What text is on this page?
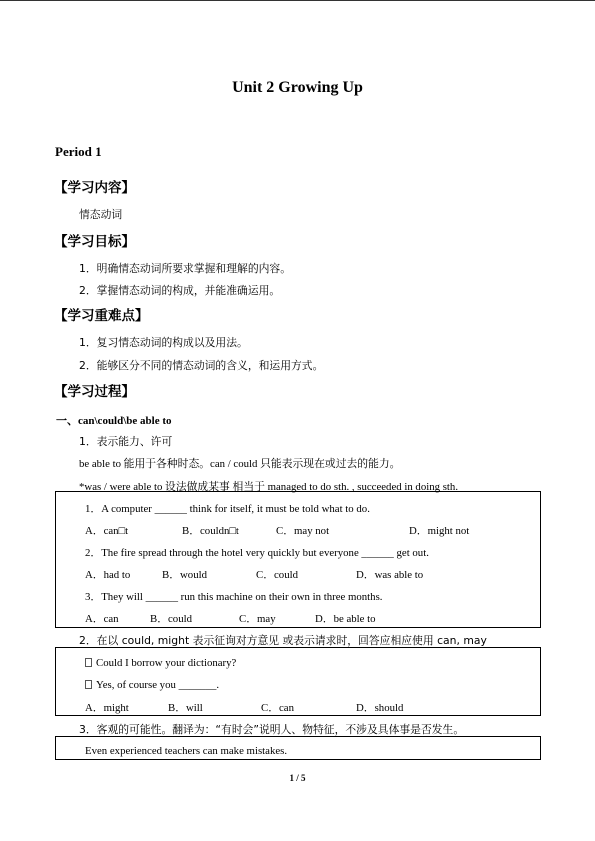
Unit 2 Growing Up
Period 1
【学习内容】
情态动词
【学习目标】
1．明确情态动词所要求掌握和理解的内容。
2．掌握情态动词的构成，并能准确运用。
【学习重难点】
1．复习情态动词的构成以及用法。
2．能够区分不同的情态动词的含义，和运用方式。
【学习过程】
一、can\could\be able to
1．表示能力、许可
be able to 能用于各种时态。can / could 只能表示现在或过去的能力。
*was / were able to 设法做成某事 相当于 managed to do sth. , succeeded in doing sth.
1．A computer ______ think for itself, it must be told what to do.
A．can□t	B．couldn□t	C．may not	D．might not
2．The fire spread through the hotel very quickly but everyone ______ get out.
A．had to	B．would	C．could	D．was able to
3．They will ______ run this machine on their own in three months.
A．can	B．could	C．may	D．be able to
2．在以 could, might 表示征询对方意见 或表示请求时，回答应相应使用 can, may
Could I borrow your dictionary?
Yes, of course you _______.
A．might	B．will	C．can	D．should
3．客观的可能性。翻译为：“有时会”说明人、物特征，不涉及具体事是否发生。
Even experienced teachers can make mistakes.
1 / 5
